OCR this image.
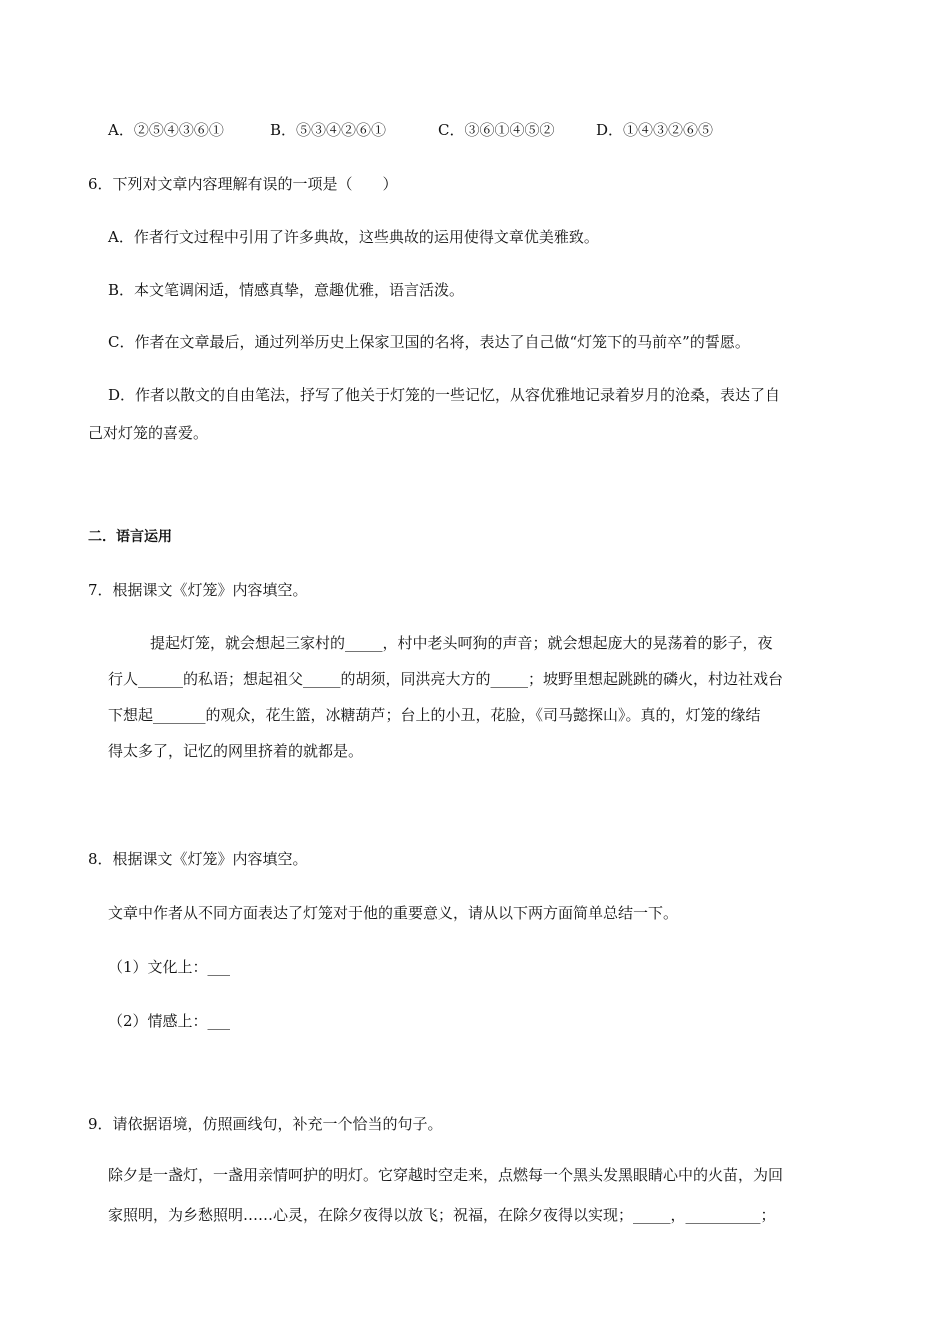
A．②⑤④③⑥①	B．⑤③④②⑥①	C．③⑥①④⑤②	D．①④③②⑥⑤
6．下列对文章内容理解有误的一项是（　　）
A．作者行文过程中引用了许多典故，这些典故的运用使得文章优美雅致。
B．本文笔调闲适，情感真挚，意趣优雅，语言活泼。
C．作者在文章最后，通过列举历史上保家卫国的名将，表达了自己做“灯笼下的马前卒”的誓愿。
D．作者以散文的自由笔法，抒写了他关于灯笼的一些记忆，从容优雅地记录着岁月的沧桑，表达了自
己对灯笼的喜爱。
二．语言运用
7．根据课文《灯笼》内容填空。
提起灯笼，就会想起三家村的_____，村中老头呵狗的声音；就会想起庞大的晃荡着的影子，夜
行人______的私语；想起祖父_____的胡须，同洪亮大方的_____；坡野里想起跳跳的磷火，村边社戏台
下想起_______的观众，花生篮，冰糖葫芦；台上的小丑，花脸，《司马懿探山》。真的，灯笼的缘结
得太多了，记忆的网里挤着的就都是。
8．根据课文《灯笼》内容填空。
文章中作者从不同方面表达了灯笼对于他的重要意义，请从以下两方面简单总结一下。
（1）文化上：___
（2）情感上：___
9．请依据语境，仿照画线句，补充一个恰当的句子。
除夕是一盏灯，一盏用亲情呵护的明灯。它穿越时空走来，点燃每一个黑头发黑眼睛心中的火苗，为回
家照明，为乡愁照明……心灵，在除夕夜得以放飞；祝福，在除夕夜得以实现；_____，__________；
